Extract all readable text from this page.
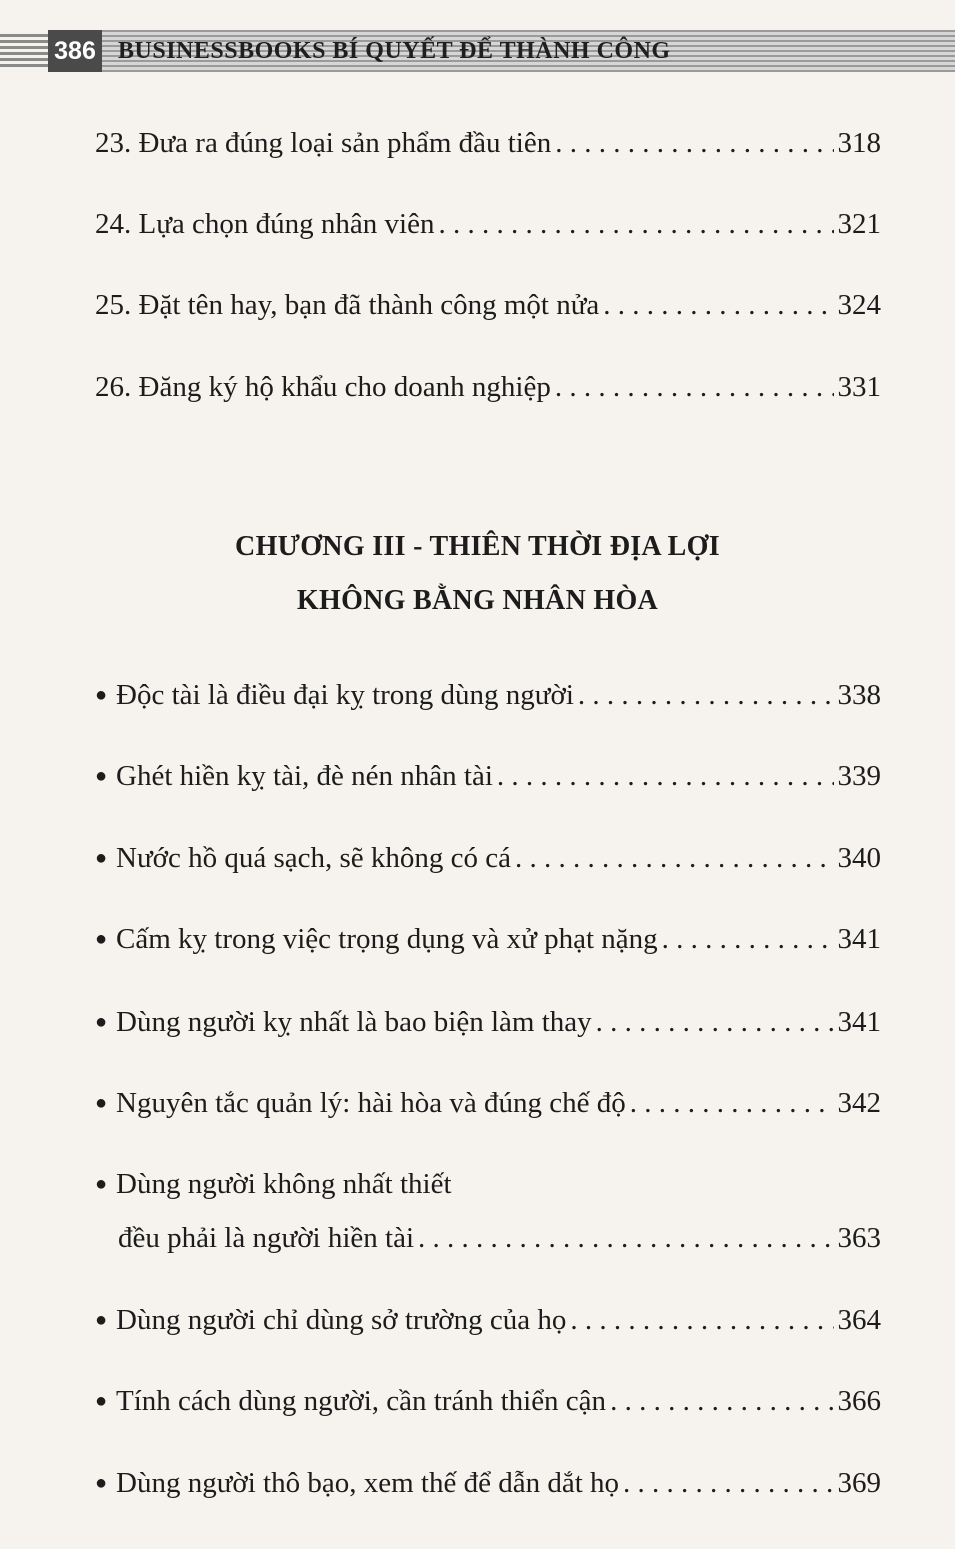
386 BUSINESSBOOKS BÍ QUYẾT ĐỂ THÀNH CÔNG
23. Đưa ra đúng loại sản phẩm đầu tiên . . .	318
24. Lựa chọn đúng nhân viên . . .	321
25. Đặt tên hay, bạn đã thành công một nửa . . .	324
26. Đăng ký hộ khẩu cho doanh nghiệp . . .	331
CHƯƠNG III - THIÊN THỜI ĐỊA LỢI
KHÔNG BẰNG NHÂN HÒA
● Độc tài là điều đại kỵ trong dùng người . . .	338
● Ghét hiền kỵ tài, đè nén nhân tài . . .	339
● Nước hồ quá sạch, sẽ không có cá . . .	340
● Cấm kỵ trong việc trọng dụng và xử phạt nặng . . .	341
● Dùng người kỵ nhất là bao biện làm thay . . .	341
● Nguyên tắc quản lý: hài hòa và đúng chế độ . . .	342
● Dùng người không nhất thiết
đều phải là người hiền tài . . .	363
● Dùng người chỉ dùng sở trường của họ . . .	364
● Tính cách dùng người, cần tránh thiển cận . . .	366
● Dùng người thô bạo, xem thế để dẫn dắt họ . . .	369
